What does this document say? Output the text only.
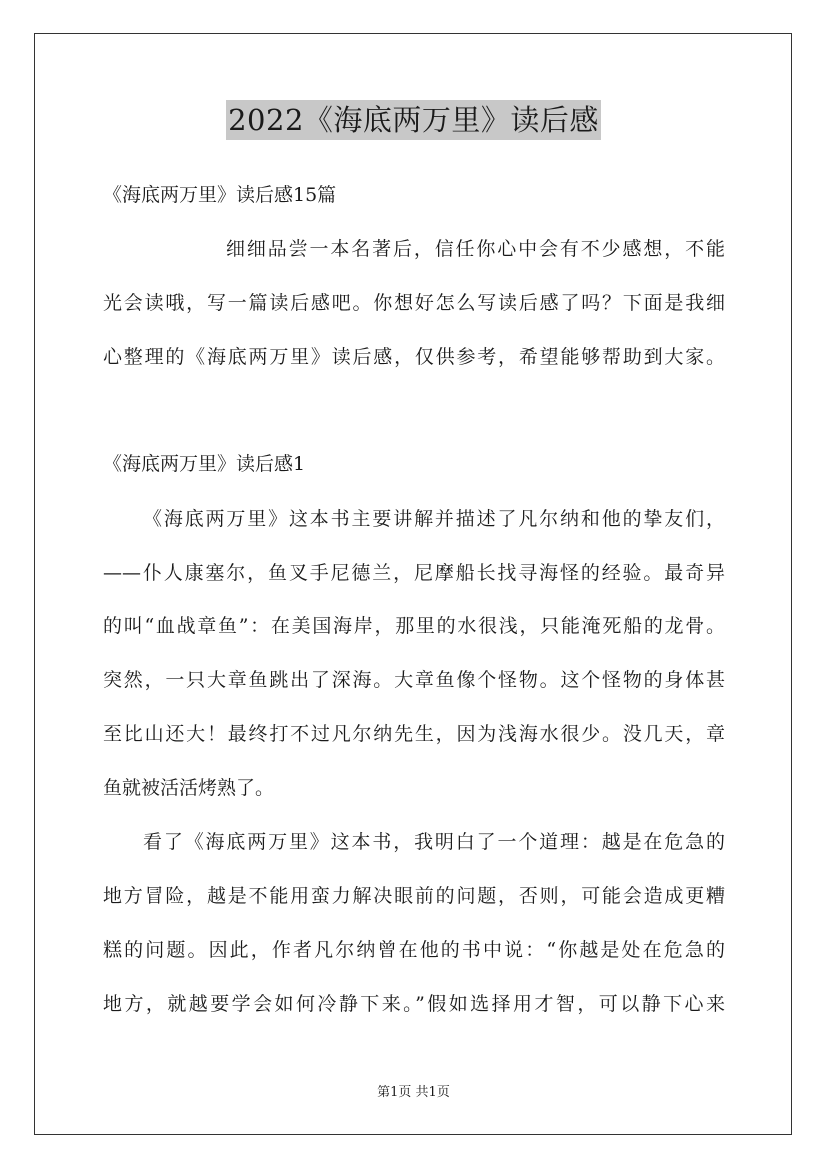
2022《海底两万里》读后感
《海底两万里》读后感15篇
细细品尝一本名著后，信任你心中会有不少感想，不能
光会读哦，写一篇读后感吧。你想好怎么写读后感了吗？下面是我细
心整理的《海底两万里》读后感，仅供参考，希望能够帮助到大家。
《海底两万里》读后感1
《海底两万里》这本书主要讲解并描述了凡尔纳和他的挚友们，
——仆人康塞尔，鱼叉手尼德兰，尼摩船长找寻海怪的经验。最奇异
的叫“血战章鱼”：在美国海岸，那里的水很浅，只能淹死船的龙骨。
突然，一只大章鱼跳出了深海。大章鱼像个怪物。这个怪物的身体甚
至比山还大！最终打不过凡尔纳先生，因为浅海水很少。没几天，章
鱼就被活活烤熟了。
看了《海底两万里》这本书，我明白了一个道理：越是在危急的
地方冒险，越是不能用蛮力解决眼前的问题，否则，可能会造成更糟
糕的问题。因此，作者凡尔纳曾在他的书中说：“你越是处在危急的
地方，就越要学会如何冷静下来。”假如选择用才智，可以静下心来
第1页 共1页
